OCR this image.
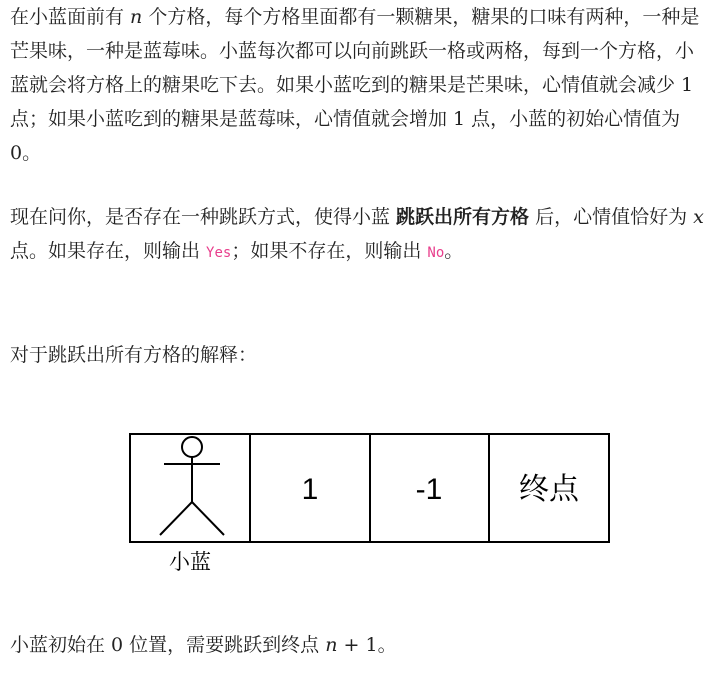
在小蓝面前有 n 个方格，每个方格里面都有一颗糖果，糖果的口味有两种，一种是芒果味，一种是蓝莓味。小蓝每次都可以向前跳跃一格或两格，每到一个方格，小蓝就会将方格上的糖果吃下去。如果小蓝吃到的糖果是芒果味，心情值就会减少 1 点；如果小蓝吃到的糖果是蓝莓味，心情值就会增加 1 点，小蓝的初始心情值为 0。

现在问你，是否存在一种跳跃方式，使得小蓝 跳跃出所有方格 后，心情值恰好为 x 点。如果存在，则输出 Yes；如果不存在，则输出 No。

对于跳跃出所有方格的解释：

1	-1	终点
小蓝

小蓝初始在 0 位置，需要跳跃到终点 n + 1。
